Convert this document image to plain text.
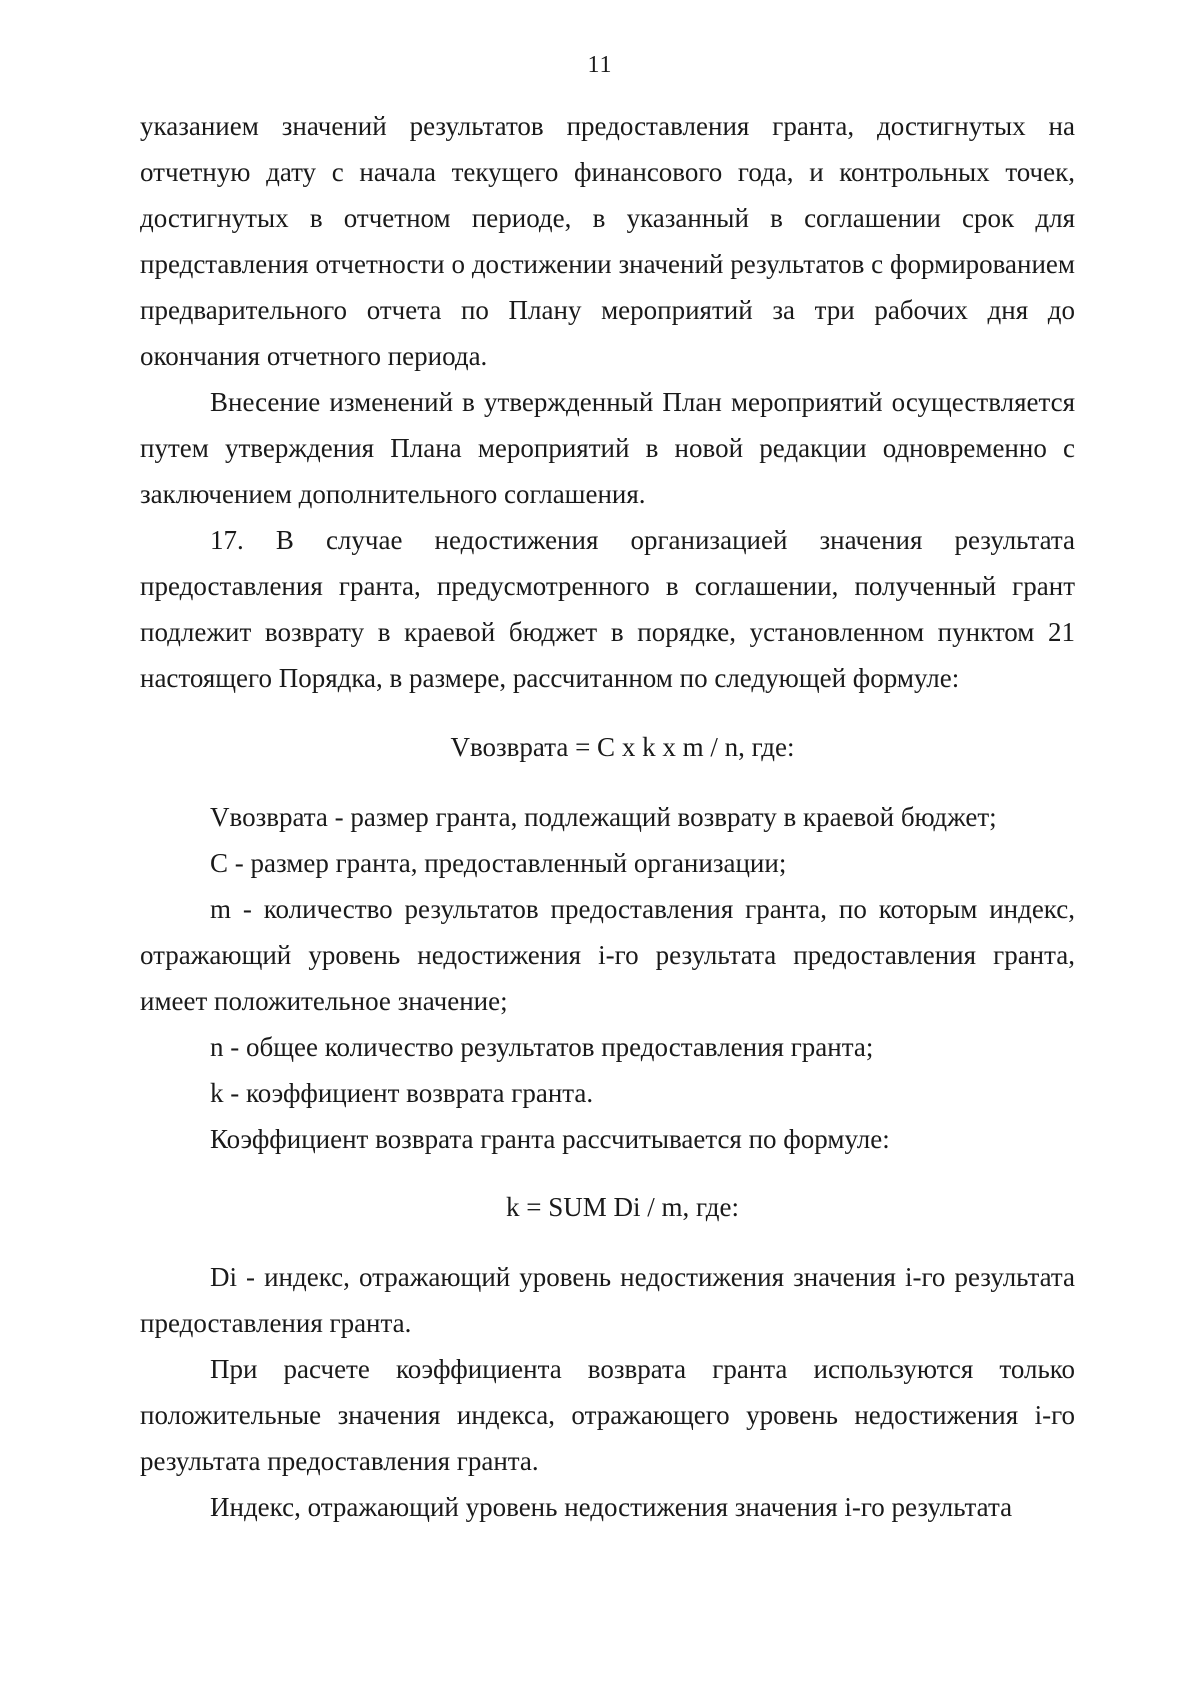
11

указанием значений результатов предоставления гранта, достигнутых на отчетную дату с начала текущего финансового года, и контрольных точек, достигнутых в отчетном периоде, в указанный в соглашении срок для представления отчетности о достижении значений результатов с формированием предварительного отчета по Плану мероприятий за три рабочих дня до окончания отчетного периода.

Внесение изменений в утвержденный План мероприятий осуществляется путем утверждения Плана мероприятий в новой редакции одновременно с заключением дополнительного соглашения.

17. В случае недостижения организацией значения результата предоставления гранта, предусмотренного в соглашении, полученный грант подлежит возврату в краевой бюджет в порядке, установленном пунктом 21 настоящего Порядка, в размере, рассчитанном по следующей формуле:

Vвозврата = C x k x m / n, где:

Vвозврата - размер гранта, подлежащий возврату в краевой бюджет;

C - размер гранта, предоставленный организации;

m - количество результатов предоставления гранта, по которым индекс, отражающий уровень недостижения i-го результата предоставления гранта, имеет положительное значение;

n - общее количество результатов предоставления гранта;

k - коэффициент возврата гранта.

Коэффициент возврата гранта рассчитывается по формуле:

k = SUM Di / m, где:

Di - индекс, отражающий уровень недостижения значения i-го результата предоставления гранта.

При расчете коэффициента возврата гранта используются только положительные значения индекса, отражающего уровень недостижения i-го результата предоставления гранта.

Индекс, отражающий уровень недостижения значения i-го результата
